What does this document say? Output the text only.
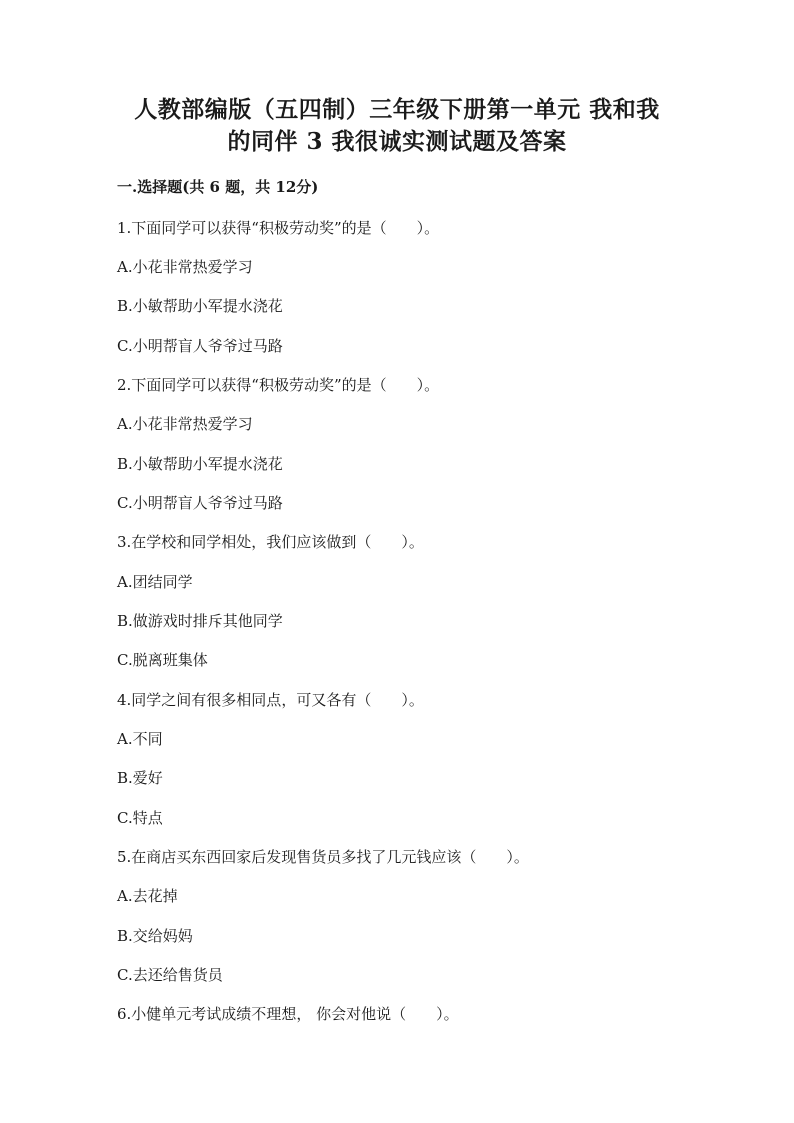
人教部编版（五四制）三年级下册第一单元 我和我
的同伴 3 我很诚实测试题及答案
一.选择题(共 6 题，共 12分)
1.下面同学可以获得“积极劳动奖”的是（　　）。
A.小花非常热爱学习
B.小敏帮助小军提水浇花
C.小明帮盲人爷爷过马路
2.下面同学可以获得“积极劳动奖”的是（　　）。
A.小花非常热爱学习
B.小敏帮助小军提水浇花
C.小明帮盲人爷爷过马路
3.在学校和同学相处，我们应该做到（　　）。
A.团结同学
B.做游戏时排斥其他同学
C.脱离班集体
4.同学之间有很多相同点，可又各有（　　）。
A.不同
B.爱好
C.特点
5.在商店买东西回家后发现售货员多找了几元钱应该（　　）。
A.去花掉
B.交给妈妈
C.去还给售货员
6.小健单元考试成绩不理想， 你会对他说（　　）。
